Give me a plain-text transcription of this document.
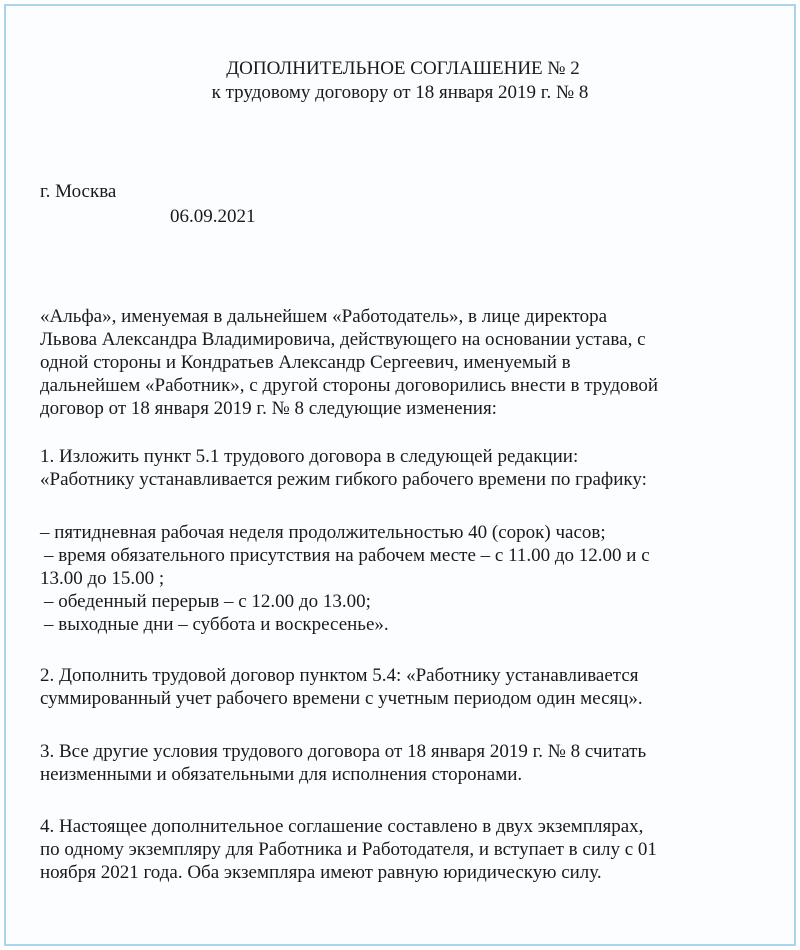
ДОПОЛНИТЕЛЬНОЕ СОГЛАШЕНИЕ № 2
к трудовому договору от 18 января 2019 г. № 8
г. Москва
06.09.2021
«Альфа», именуемая в дальнейшем «Работодатель», в лице директора
Львова Александра Владимировича, действующего на основании устава, с
одной стороны и Кондратьев Александр Сергеевич, именуемый в
дальнейшем «Работник», с другой стороны договорились внести в трудовой
договор от 18 января 2019 г. № 8 следующие изменения:
1. Изложить пункт 5.1 трудового договора в следующей редакции:
«Работнику устанавливается режим гибкого рабочего времени по графику:
– пятидневная рабочая неделя продолжительностью 40 (сорок) часов;
– время обязательного присутствия на рабочем месте – с 11.00 до 12.00 и с
13.00 до 15.00 ;
– обеденный перерыв – с 12.00 до 13.00;
– выходные дни – суббота и воскресенье».
2. Дополнить трудовой договор пунктом 5.4: «Работнику устанавливается
суммированный учет рабочего времени с учетным периодом один месяц».
3. Все другие условия трудового договора от 18 января 2019 г. № 8 считать
неизменными и обязательными для исполнения сторонами.
4. Настоящее дополнительное соглашение составлено в двух экземплярах,
по одному экземпляру для Работника и Работодателя, и вступает в силу с 01
ноября 2021 года. Оба экземпляра имеют равную юридическую силу.
